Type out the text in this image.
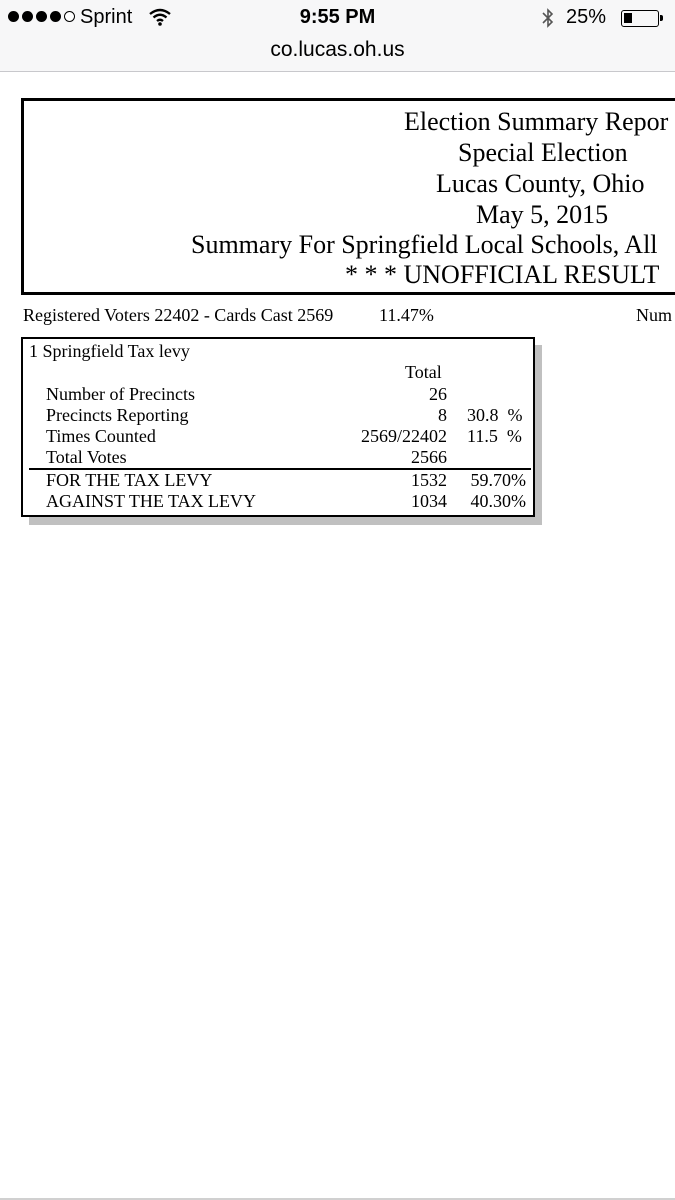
Sprint	9:55 PM	25%
co.lucas.oh.us
Election Summary Repor
Special Election
Lucas County, Ohio
May 5, 2015
Summary For Springfield Local Schools, All
* * * UNOFFICIAL RESULT
Registered Voters 22402 - Cards Cast 2569	11.47%	Num
1 Springfield Tax levy
Total
Number of Precincts	26
Precincts Reporting	8 30.8  %
Times Counted	2569/22402 11.5  %
Total Votes	2566
FOR THE TAX LEVY	1532 59.70%
AGAINST THE TAX LEVY	1034 40.30%
